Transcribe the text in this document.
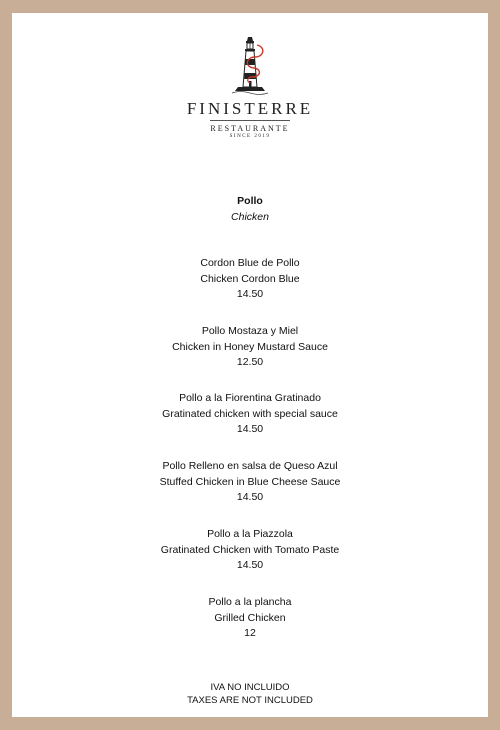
FINISTERRE
RESTAURANTE
SINCE 2019
Pollo
Chicken
Cordon Blue de Pollo
Chicken Cordon Blue
14.50
Pollo Mostaza y Miel
Chicken in Honey Mustard Sauce
12.50
Pollo a la Fiorentina Gratinado
Gratinated chicken with special sauce
14.50
Pollo Relleno en salsa de Queso Azul
Stuffed Chicken in Blue Cheese Sauce
14.50
Pollo a la Piazzola
Gratinated Chicken with Tomato Paste
14.50
Pollo a la plancha
Grilled Chicken
12
IVA NO INCLUIDO
TAXES ARE NOT INCLUDED
